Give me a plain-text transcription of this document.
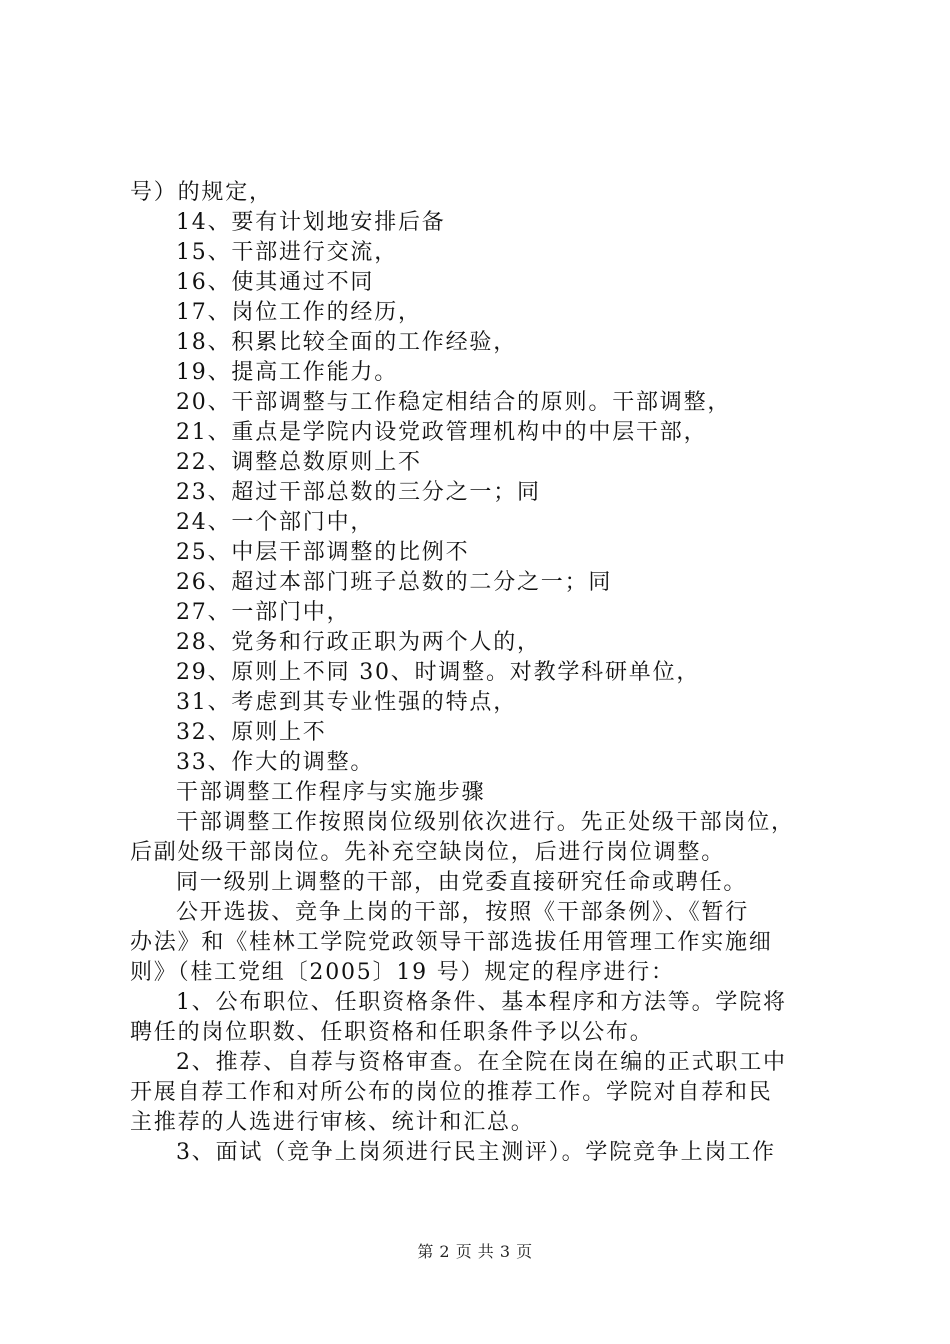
号）的规定，
14、要有计划地安排后备
15、干部进行交流，
16、使其通过不同
17、岗位工作的经历，
18、积累比较全面的工作经验，
19、提高工作能力。
20、干部调整与工作稳定相结合的原则。干部调整，
21、重点是学院内设党政管理机构中的中层干部，
22、调整总数原则上不
23、超过干部总数的三分之一；同
24、一个部门中，
25、中层干部调整的比例不
26、超过本部门班子总数的二分之一；同
27、一部门中，
28、党务和行政正职为两个人的，
29、原则上不同 30、时调整。对教学科研单位，
31、考虑到其专业性强的特点，
32、原则上不
33、作大的调整。
干部调整工作程序与实施步骤
干部调整工作按照岗位级别依次进行。先正处级干部岗位，
后副处级干部岗位。先补充空缺岗位，后进行岗位调整。
同一级别上调整的干部，由党委直接研究任命或聘任。
公开选拔、竞争上岗的干部，按照《干部条例》、《暂行
办法》和《桂林工学院党政领导干部选拔任用管理工作实施细
则》（桂工党组〔2005〕19 号）规定的程序进行：
1、公布职位、任职资格条件、基本程序和方法等。学院将
聘任的岗位职数、任职资格和任职条件予以公布。
2、推荐、自荐与资格审查。在全院在岗在编的正式职工中
开展自荐工作和对所公布的岗位的推荐工作。学院对自荐和民
主推荐的人选进行审核、统计和汇总。
3、面试（竞争上岗须进行民主测评）。学院竞争上岗工作
第 2 页 共 3 页
